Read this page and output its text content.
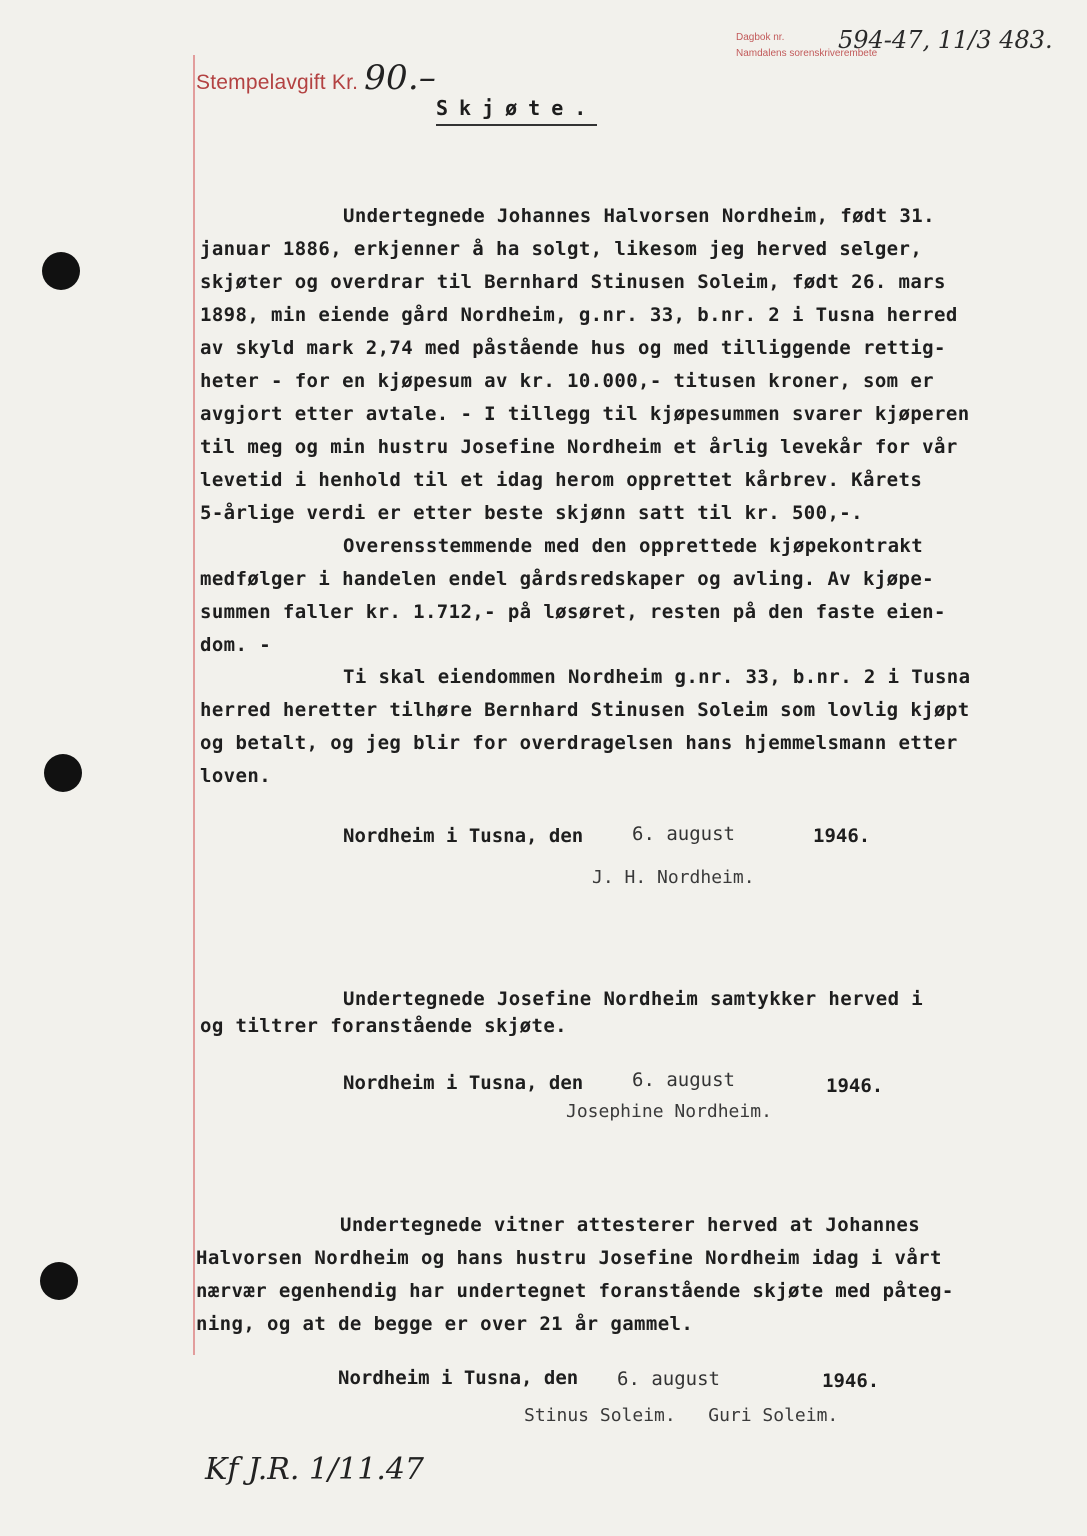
Stempelavgift Kr. 90.–
Dagbok nr.
Namdalens sorenskriverembete
594-47, 11/3 483.
Skjøte.
Undertegnede Johannes Halvorsen Nordheim, født 31.
januar 1886, erkjenner å ha solgt, likesom jeg herved selger,
skjøter og overdrar til Bernhard Stinusen Soleim, født 26. mars
1898, min eiende gård Nordheim, g.nr. 33, b.nr. 2 i Tusna herred
av skyld mark 2,74 med påstående hus og med tilliggende rettig-
heter - for en kjøpesum av kr. 10.000,- titusen kroner, som er
avgjort etter avtale. - I tillegg til kjøpesummen svarer kjøperen
til meg og min hustru Josefine Nordheim et årlig levekår for vår
levetid i henhold til et idag herom opprettet kårbrev. Kårets
5-årlige verdi er etter beste skjønn satt til kr. 500,-.
Overensstemmende med den opprettede kjøpekontrakt
medfølger i handelen endel gårdsredskaper og avling. Av kjøpe-
summen faller kr. 1.712,- på løsøret, resten på den faste eien-
dom. -
Ti skal eiendommen Nordheim g.nr. 33, b.nr. 2 i Tusna
herred heretter tilhøre Bernhard Stinusen Soleim som lovlig kjøpt
og betalt, og jeg blir for overdragelsen hans hjemmelsmann etter
loven.
Nordheim i Tusna, den	6. august	1946.
J. H. Nordheim.
Undertegnede Josefine Nordheim samtykker herved i
og tiltrer foranstående skjøte.
Nordheim i Tusna, den	6. august	1946.
Josephine Nordheim.
Undertegnede vitner attesterer herved at Johannes
Halvorsen Nordheim og hans hustru Josefine Nordheim idag i vårt
nærvær egenhendig har undertegnet foranstående skjøte med påteg-
ning, og at de begge er over 21 år gammel.
Nordheim i Tusna, den 6. august	1946.
Stinus Soleim.   Guri Soleim.
Kf J.R. 1/11.47
